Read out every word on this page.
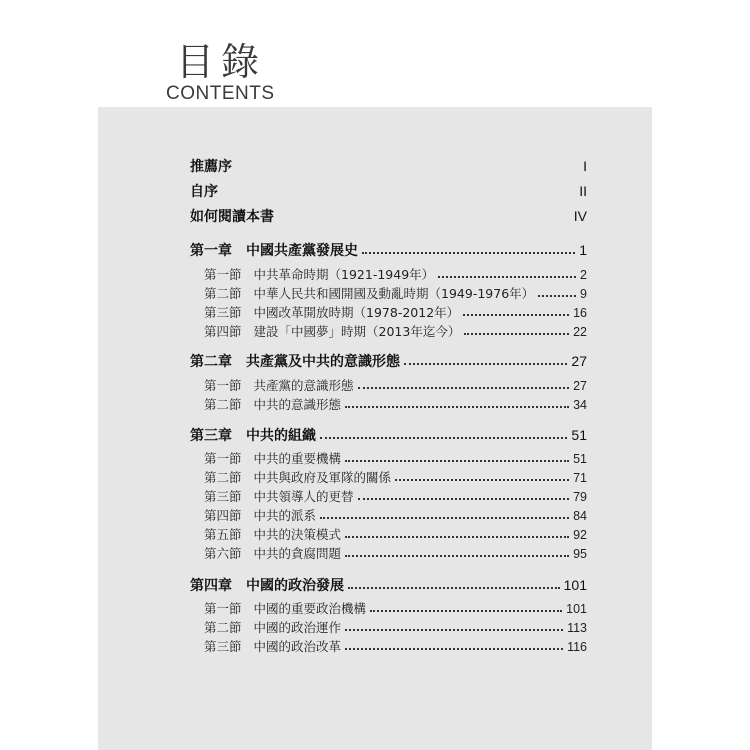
目錄
CONTENTS
推薦序	I
自序	II
如何閱讀本書	IV
第一章 中國共產黨發展史	1
第一節 中共革命時期（1921-1949年）	2
第二節 中華人民共和國開國及動亂時期（1949-1976年）	9
第三節 中國改革開放時期（1978-2012年）	16
第四節 建設「中國夢」時期（2013年迄今）	22
第二章 共產黨及中共的意識形態	27
第一節 共產黨的意識形態	27
第二節 中共的意識形態	34
第三章 中共的組織	51
第一節 中共的重要機構	51
第二節 中共與政府及軍隊的關係	71
第三節 中共領導人的更替	79
第四節 中共的派系	84
第五節 中共的決策模式	92
第六節 中共的貪腐問題	95
第四章 中國的政治發展	101
第一節 中國的重要政治機構	101
第二節 中國的政治運作	113
第三節 中國的政治改革	116
